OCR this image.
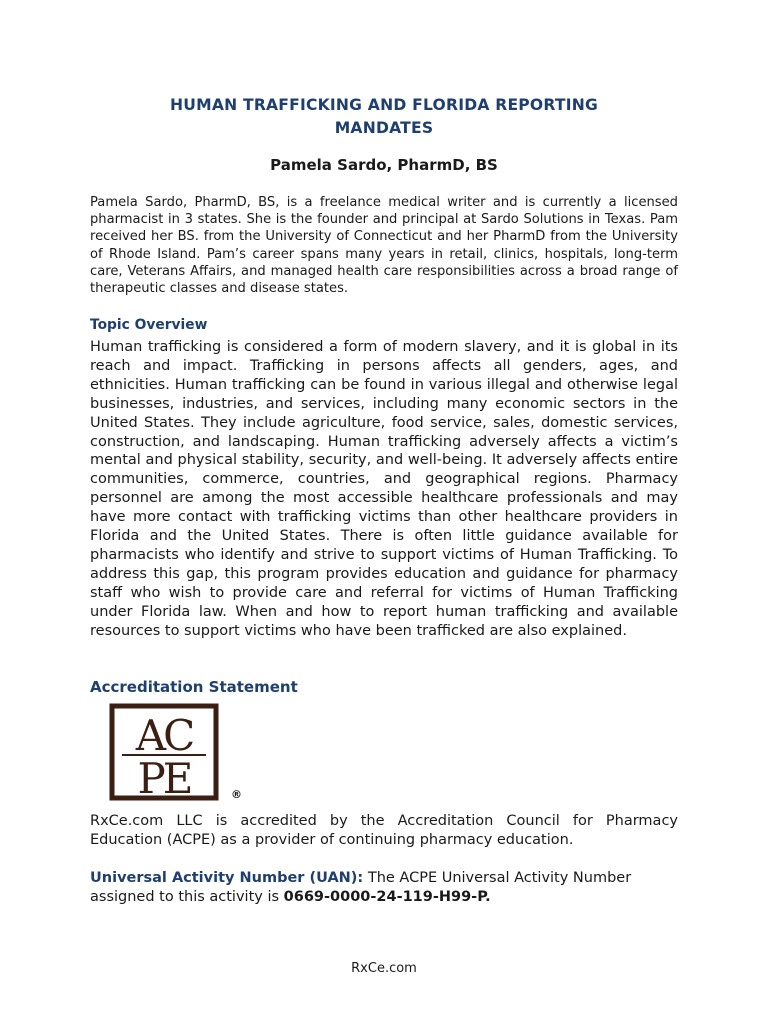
HUMAN TRAFFICKING AND FLORIDA REPORTING
MANDATES
Pamela Sardo, PharmD, BS
Pamela Sardo, PharmD, BS, is a freelance medical writer and is currently a licensed pharmacist in 3 states. She is the founder and principal at Sardo Solutions in Texas. Pam received her BS. from the University of Connecticut and her PharmD from the University of Rhode Island. Pam’s career spans many years in retail, clinics, hospitals, long-term care, Veterans Affairs, and managed health care responsibilities across a broad range of therapeutic classes and disease states.
Topic Overview
Human trafficking is considered a form of modern slavery, and it is global in its reach and impact. Trafficking in persons affects all genders, ages, and ethnicities. Human trafficking can be found in various illegal and otherwise legal businesses, industries, and services, including many economic sectors in the United States. They include agriculture, food service, sales, domestic services, construction, and landscaping. Human trafficking adversely affects a victim’s mental and physical stability, security, and well-being. It adversely affects entire communities, commerce, countries, and geographical regions. Pharmacy personnel are among the most accessible healthcare professionals and may have more contact with trafficking victims than other healthcare providers in Florida and the United States. There is often little guidance available for pharmacists who identify and strive to support victims of Human Trafficking. To address this gap, this program provides education and guidance for pharmacy staff who wish to provide care and referral for victims of Human Trafficking under Florida law. When and how to report human trafficking and available resources to support victims who have been trafficked are also explained.
Accreditation Statement
AC
PE	®
RxCe.com LLC is accredited by the Accreditation Council for Pharmacy Education (ACPE) as a provider of continuing pharmacy education.
Universal Activity Number (UAN): The ACPE Universal Activity Number assigned to this activity is 0669-0000-24-119-H99-P.
RxCe.com
